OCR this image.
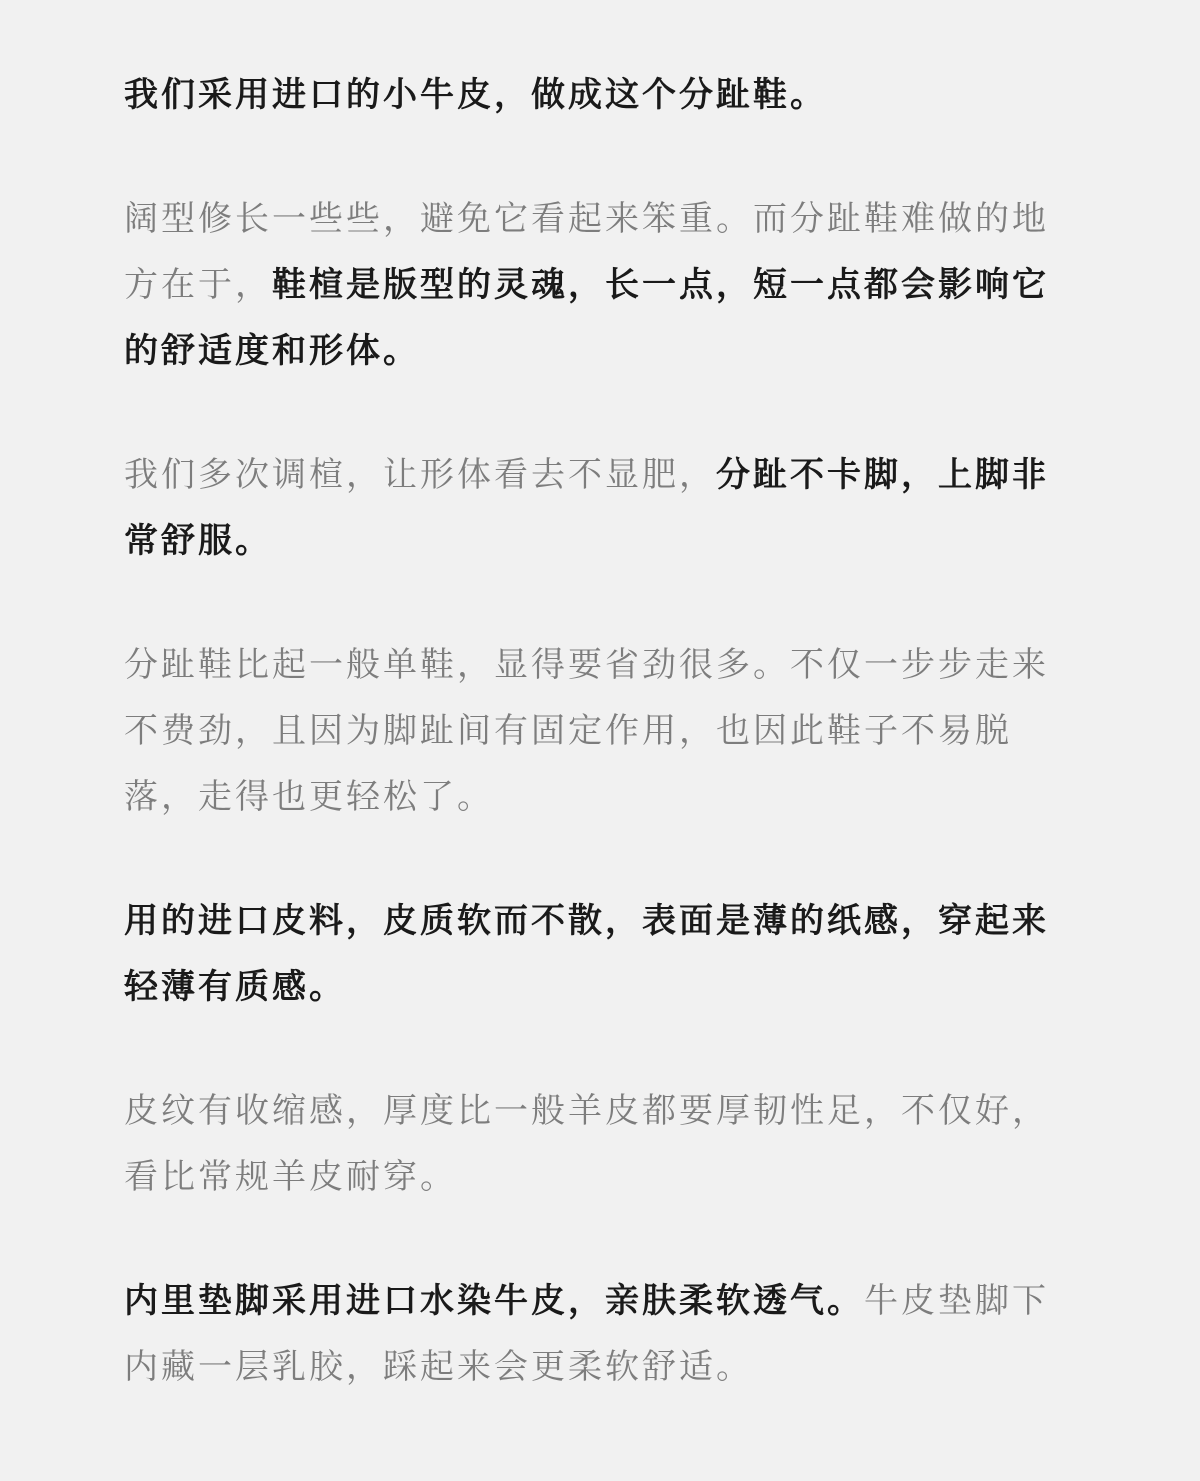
我们采用进口的小牛皮，做成这个分趾鞋。

阔型修长一些些，避免它看起来笨重。而分趾鞋难做的地方在于，鞋楦是版型的灵魂，长一点，短一点都会影响它的舒适度和形体。

我们多次调楦，让形体看去不显肥，分趾不卡脚，上脚非常舒服。

分趾鞋比起一般单鞋，显得要省劲很多。不仅一步步走来不费劲，且因为脚趾间有固定作用，也因此鞋子不易脱落，走得也更轻松了。

用的进口皮料，皮质软而不散，表面是薄的纸感，穿起来轻薄有质感。

皮纹有收缩感，厚度比一般羊皮都要厚韧性足，不仅好，看比常规羊皮耐穿。

内里垫脚采用进口水染牛皮，亲肤柔软透气。牛皮垫脚下内藏一层乳胶，踩起来会更柔软舒适。
